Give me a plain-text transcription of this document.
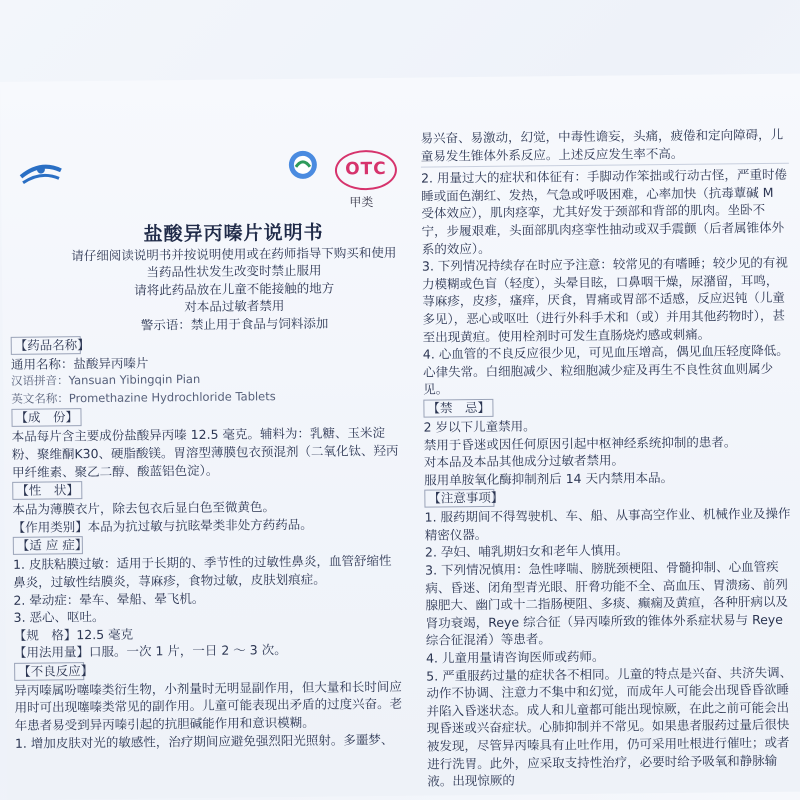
OTC
甲类
盐酸异丙嗪片说明书
请仔细阅读说明书并按说明使用或在药师指导下购买和使用
当药品性状发生改变时禁止服用
请将此药品放在儿童不能接触的地方
对本品过敏者禁用
警示语：禁止用于食品与饲料添加
【药品名称】

通用名称：盐酸异丙嗪片

汉语拼音：Yansuan Yibingqin Pian

英文名称：Promethazine Hydrochloride Tablets

【成　份】

本品每片含主要成份盐酸异丙嗪 12.5 毫克。辅料为：乳糖、玉米淀粉、聚维酮K30、硬脂酸镁。胃溶型薄膜包衣预混剂（二氧化钛、羟丙甲纤维素、聚乙二醇、酸蓝铝色淀）。

【性　状】

本品为薄膜衣片，除去包衣后显白色至微黄色。

【作用类别】本品为抗过敏与抗眩晕类非处方药药品。

【适 应 症】

1. 皮肤粘膜过敏：适用于长期的、季节性的过敏性鼻炎，血管舒缩性鼻炎，过敏性结膜炎，荨麻疹，食物过敏，皮肤划痕症。

2. 晕动症：晕车、晕船、晕飞机。

3. 恶心、呕吐。

【规　格】12.5 毫克

【用法用量】口服。一次 1 片，一日 2 ～ 3 次。

【不良反应】

异丙嗪属吩噻嗪类衍生物，小剂量时无明显副作用，但大量和长时间应用时可出现噻嗪类常见的副作用。儿童可能表现出矛盾的过度兴奋。老年患者易受到异丙嗪引起的抗胆碱能作用和意识模糊。

1. 增加皮肤对光的敏感性，治疗期间应避免强烈阳光照射。多噩梦、

易兴奋、易激动，幻觉，中毒性谵妄，头痛，疲倦和定向障碍，儿童易发生锥体外系反应。上述反应发生率不高。

2. 用量过大的症状和体征有：手脚动作笨拙或行动古怪，严重时倦睡或面色潮红、发热，气急或呼吸困难，心率加快（抗毒蕈碱 M 受体效应），肌肉痉挛，尤其好发于颈部和背部的肌肉。坐卧不宁，步履艰难，头面部肌肉痉挛性抽动或双手震颤（后者属锥体外系的效应）。

3. 下列情况持续存在时应予注意：较常见的有嗜睡；较少见的有视力模糊或色盲（轻度），头晕目眩，口鼻咽干燥，尿潴留，耳鸣，荨麻疹，皮疹，瘙痒，厌食，胃痛或胃部不适感，反应迟钝（儿童多见），恶心或呕吐（进行外科手术和（或）并用其他药物时），甚至出现黄疸。使用栓剂时可发生直肠烧灼感或刺痛。

4. 心血管的不良反应很少见，可见血压增高，偶见血压轻度降低。心律失常。白细胞减少、粒细胞减少症及再生不良性贫血则属少见。

【禁　忌】

2 岁以下儿童禁用。

禁用于昏迷或因任何原因引起中枢神经系统抑制的患者。

对本品及本品其他成分过敏者禁用。

服用单胺氧化酶抑制剂后 14 天内禁用本品。

【注意事项】

1. 服药期间不得驾驶机、车、船、从事高空作业、机械作业及操作精密仪器。

2. 孕妇、哺乳期妇女和老年人慎用。

3. 下列情况慎用：急性哮喘、膀胱颈梗阻、骨髓抑制、心血管疾病、昏迷、闭角型青光眼、肝脅功能不全、高血压、胃溃疡、前列腺肥大、幽门或十二指肠梗阻、多痰、癫痫及黄疸，各种肝病以及肾功衰竭，Reye 综合征（异丙嗪所致的锥体外系症状易与 Reye 综合征混淆）等患者。

4. 儿童用量请咨询医师或药师。

5. 严重服药过量的症状各不相同。儿童的特点是兴奋、共济失调、动作不协调、注意力不集中和幻觉，而成年人可能会出现昏昏欲睡并陷入昏迷状态。成人和儿童都可能出现惊厥，在此之前可能会出现昏迷或兴奋症状。心肺抑制并不常见。如果患者服药过量后很快被发现，尽管异丙嗪具有止吐作用，仍可采用吐根进行催吐；或者进行洗胃。此外，应采取支持性治疗，必要时给予吸氧和静脉输液。出现惊厥的
